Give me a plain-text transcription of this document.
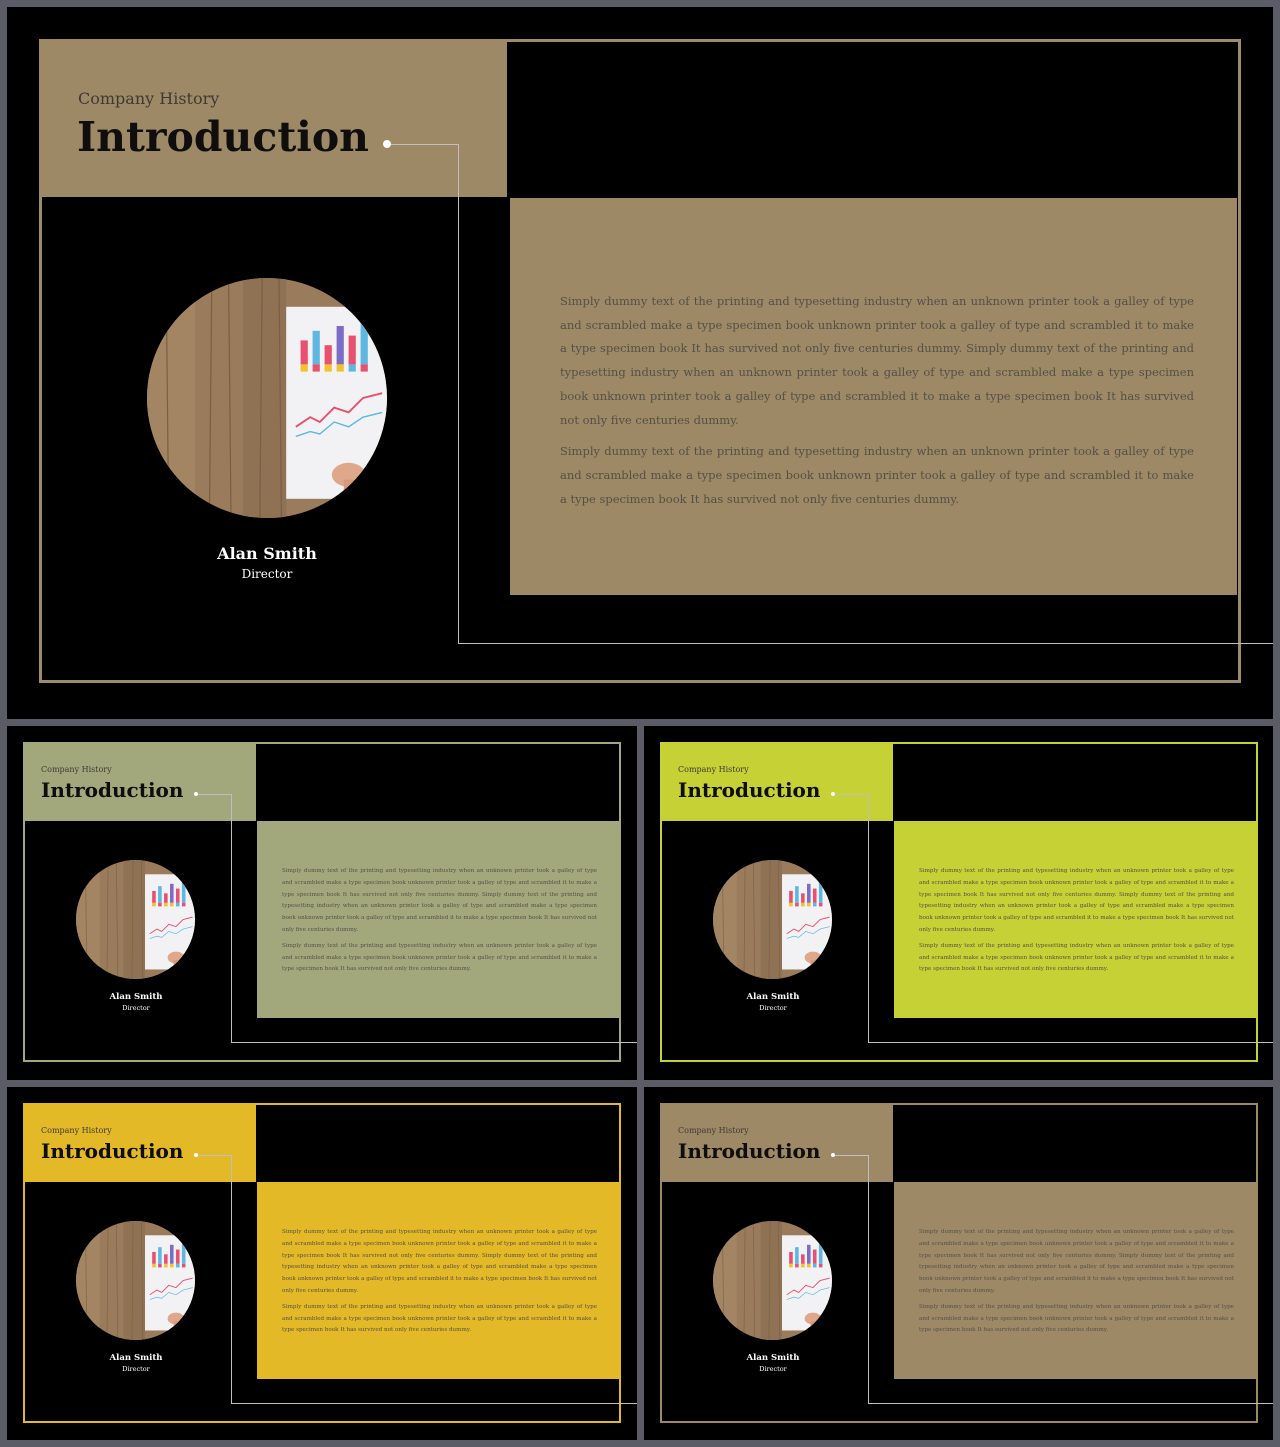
Company History
Introduction

Simply dummy text of the printing and typesetting industry when an unknown printer took a galley of type and scrambled make a type specimen book unknown printer took a galley of type and scrambled it to make a type specimen book It has survived not only five centuries dummy. Simply dummy text of the printing and typesetting industry when an unknown printer took a galley of type and scrambled make a type specimen book unknown printer took a galley of type and scrambled it to make a type specimen book It has survived not only five centuries dummy.

Simply dummy text of the printing and typesetting industry when an unknown printer took a galley of type and scrambled make a type specimen book unknown printer took a galley of type and scrambled it to make a type specimen book It has survived not only five centuries dummy.

Alan Smith
Director
Company History
Introduction

Simply dummy text of the printing and typesetting industry when an unknown printer took a galley of type and scrambled make a type specimen book unknown printer took a galley of type and scrambled it to make a type specimen book It has survived not only five centuries dummy. Simply dummy text of the printing and typesetting industry when an unknown printer took a galley of type and scrambled make a type specimen book unknown printer took a galley of type and scrambled it to make a type specimen book It has survived not only five centuries dummy.

Simply dummy text of the printing and typesetting industry when an unknown printer took a galley of type and scrambled make a type specimen book unknown printer took a galley of type and scrambled it to make a type specimen book It has survived not only five centuries dummy.

Alan Smith
Director
Company History
Introduction

Simply dummy text of the printing and typesetting industry when an unknown printer took a galley of type and scrambled make a type specimen book unknown printer took a galley of type and scrambled it to make a type specimen book It has survived not only five centuries dummy. Simply dummy text of the printing and typesetting industry when an unknown printer took a galley of type and scrambled make a type specimen book unknown printer took a galley of type and scrambled it to make a type specimen book It has survived not only five centuries dummy.

Simply dummy text of the printing and typesetting industry when an unknown printer took a galley of type and scrambled make a type specimen book unknown printer took a galley of type and scrambled it to make a type specimen book It has survived not only five centuries dummy.

Alan Smith
Director
Company History
Introduction

Simply dummy text of the printing and typesetting industry when an unknown printer took a galley of type and scrambled make a type specimen book unknown printer took a galley of type and scrambled it to make a type specimen book It has survived not only five centuries dummy. Simply dummy text of the printing and typesetting industry when an unknown printer took a galley of type and scrambled make a type specimen book unknown printer took a galley of type and scrambled it to make a type specimen book It has survived not only five centuries dummy.

Simply dummy text of the printing and typesetting industry when an unknown printer took a galley of type and scrambled make a type specimen book unknown printer took a galley of type and scrambled it to make a type specimen book It has survived not only five centuries dummy.

Alan Smith
Director
Company History
Introduction

Simply dummy text of the printing and typesetting industry when an unknown printer took a galley of type and scrambled make a type specimen book unknown printer took a galley of type and scrambled it to make a type specimen book It has survived not only five centuries dummy. Simply dummy text of the printing and typesetting industry when an unknown printer took a galley of type and scrambled make a type specimen book unknown printer took a galley of type and scrambled it to make a type specimen book It has survived not only five centuries dummy.

Simply dummy text of the printing and typesetting industry when an unknown printer took a galley of type and scrambled make a type specimen book unknown printer took a galley of type and scrambled it to make a type specimen book It has survived not only five centuries dummy.

Alan Smith
Director
